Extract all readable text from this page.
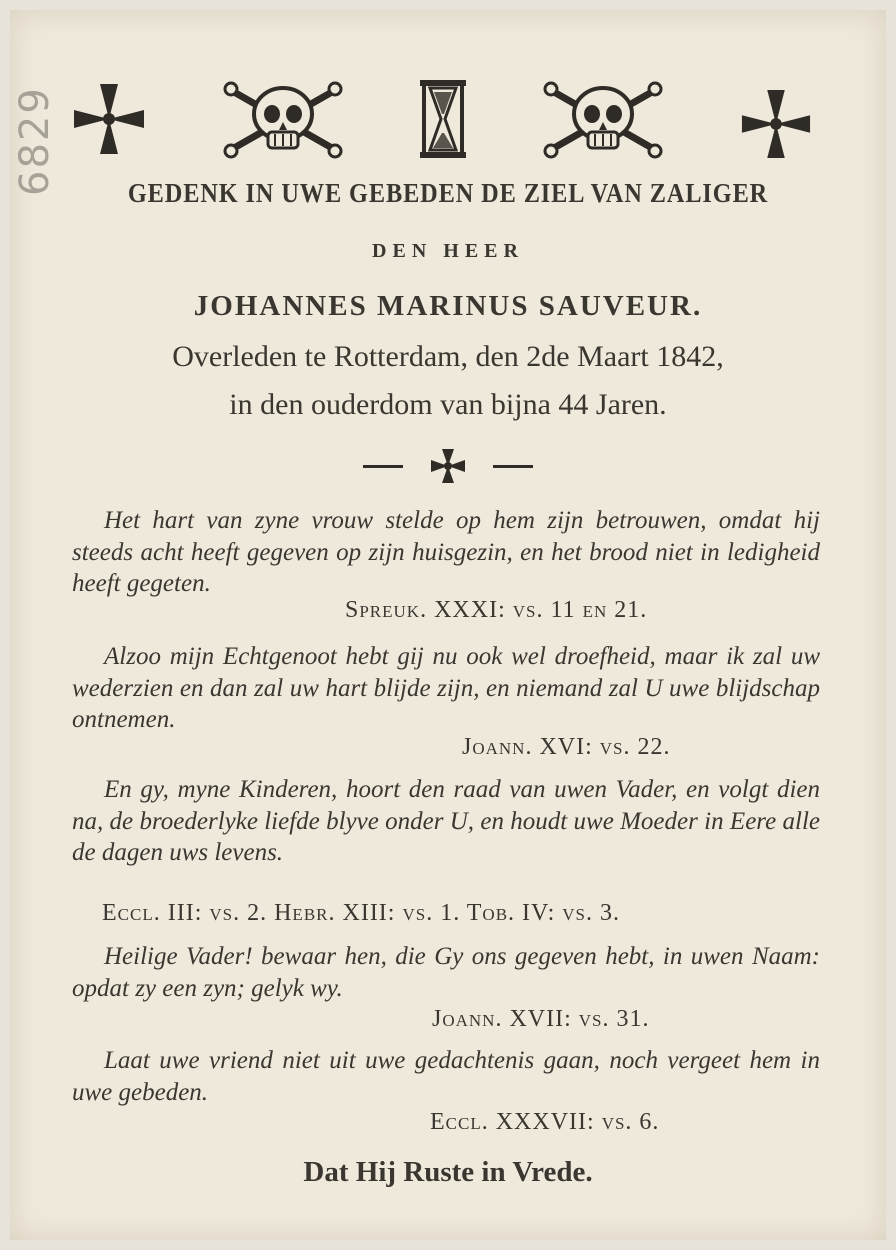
6829	GEDENK IN UWE GEBEDEN DE ZIEL VAN ZALIGER
DEN HEER
JOHANNES MARINUS SAUVEUR.
Overleden te Rotterdam, den 2de Maart 1842,
in den ouderdom van bijna 44 Jaren.
Het hart van zyne vrouw stelde op hem zijn betrouwen, omdat hij steeds acht heeft gegeven op zijn huisgezin, en het brood niet in ledigheid heeft gegeten.
Spreuk. XXXI: vs. 11 en 21.
Alzoo mijn Echtgenoot hebt gij nu ook wel droefheid, maar ik zal uw wederzien en dan zal uw hart blijde zijn, en niemand zal U uwe blijdschap ontnemen.
Joann. XVI: vs. 22.
En gy, myne Kinderen, hoort den raad van uwen Vader, en volgt dien na, de broederlyke liefde blyve onder U, en houdt uwe Moeder in Eere alle de dagen uws levens.
Eccl. III: vs. 2. Hebr. XIII: vs. 1. Tob. IV: vs. 3.
Heilige Vader! bewaar hen, die Gy ons gegeven hebt, in uwen Naam: opdat zy een zyn; gelyk wy.
Joann. XVII: vs. 31.
Laat uwe vriend niet uit uwe gedachtenis gaan, noch vergeet hem in uwe gebeden.
Eccl. XXXVII: vs. 6.
Dat Hij Ruste in Vrede.
